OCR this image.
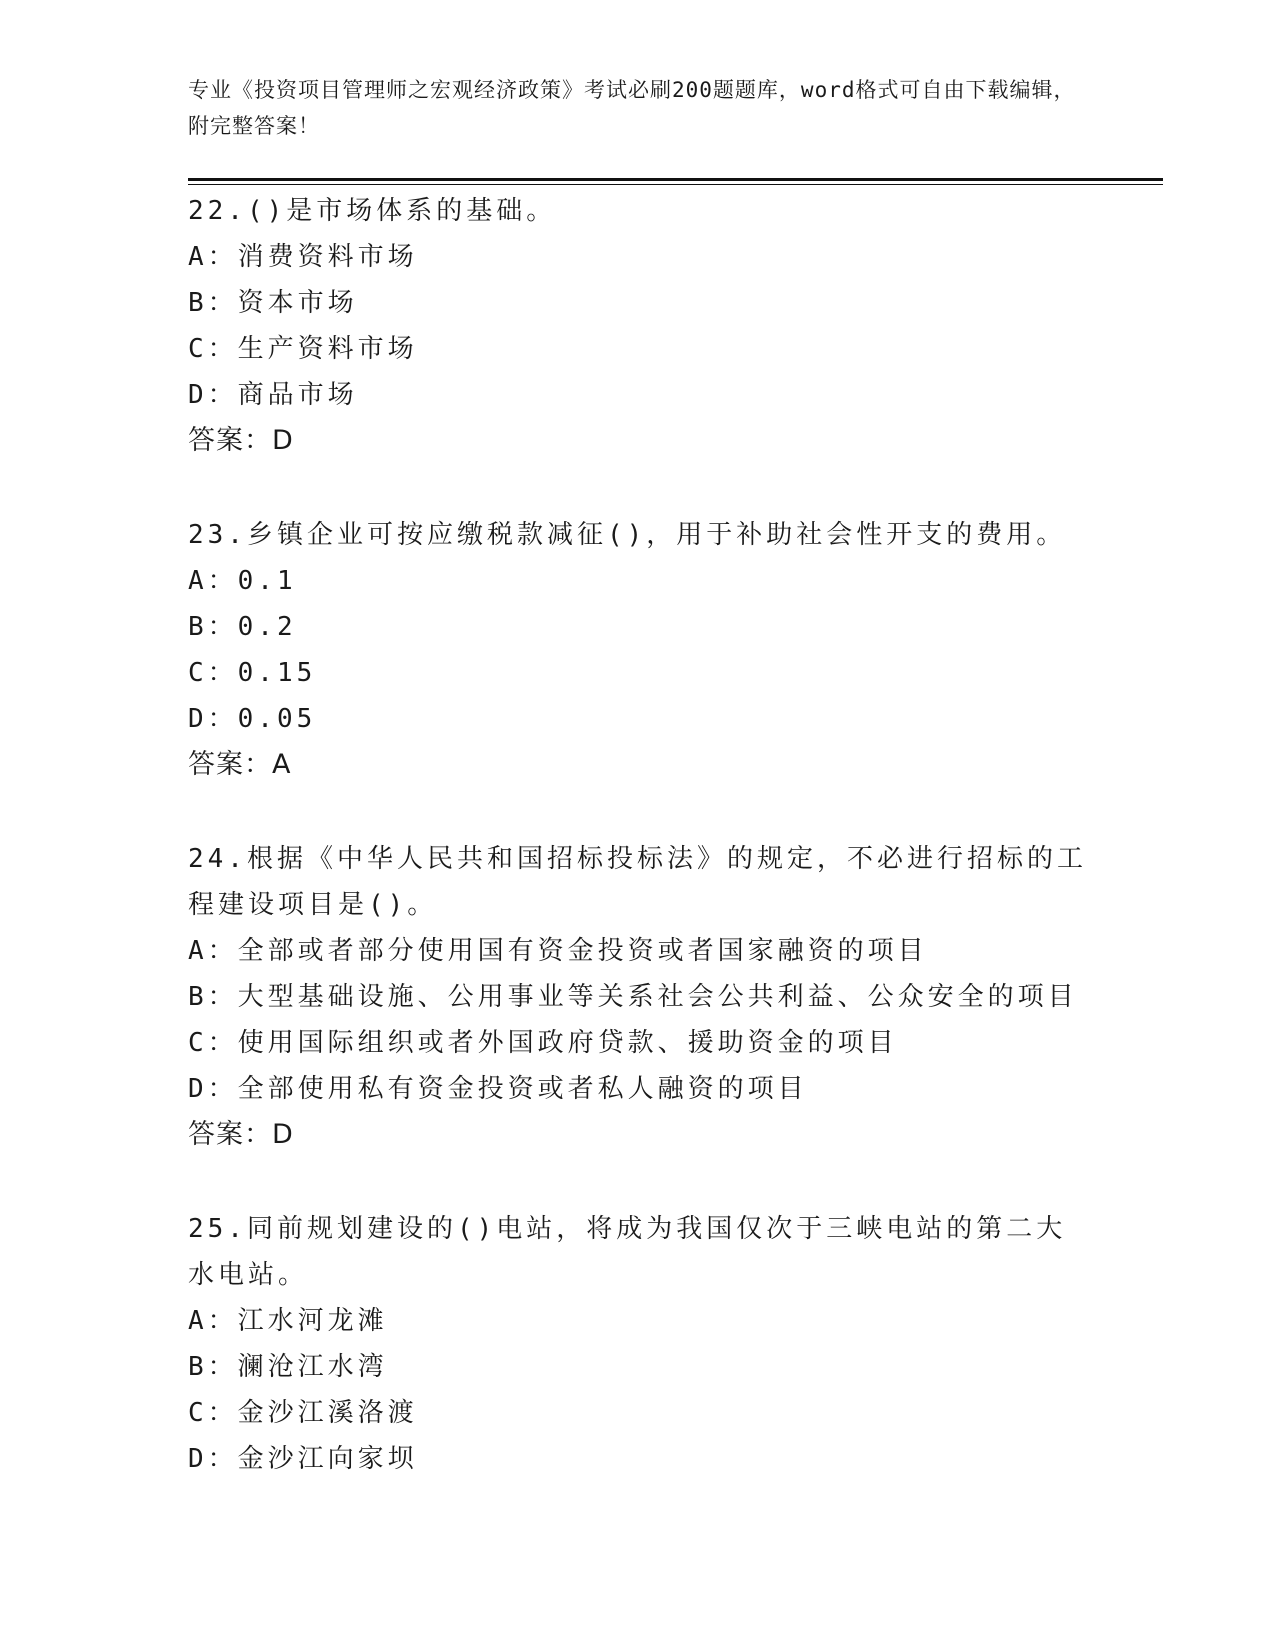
专业《投资项目管理师之宏观经济政策》考试必刷200题题库，word格式可自由下载编辑，附完整答案！
22.()是市场体系的基础。
A：消费资料市场
B：资本市场
C：生产资料市场
D：商品市场
答案：D
23.乡镇企业可按应缴税款减征()，用于补助社会性开支的费用。
A：0.1
B：0.2
C：0.15
D：0.05
答案：A
24.根据《中华人民共和国招标投标法》的规定，不必进行招标的工程建设项目是()。
A：全部或者部分使用国有资金投资或者国家融资的项目
B：大型基础设施、公用事业等关系社会公共利益、公众安全的项目
C：使用国际组织或者外国政府贷款、援助资金的项目
D：全部使用私有资金投资或者私人融资的项目
答案：D
25.同前规划建设的()电站，将成为我国仅次于三峡电站的第二大水电站。
A：江水河龙滩
B：澜沧江水湾
C：金沙江溪洛渡
D：金沙江向家坝
